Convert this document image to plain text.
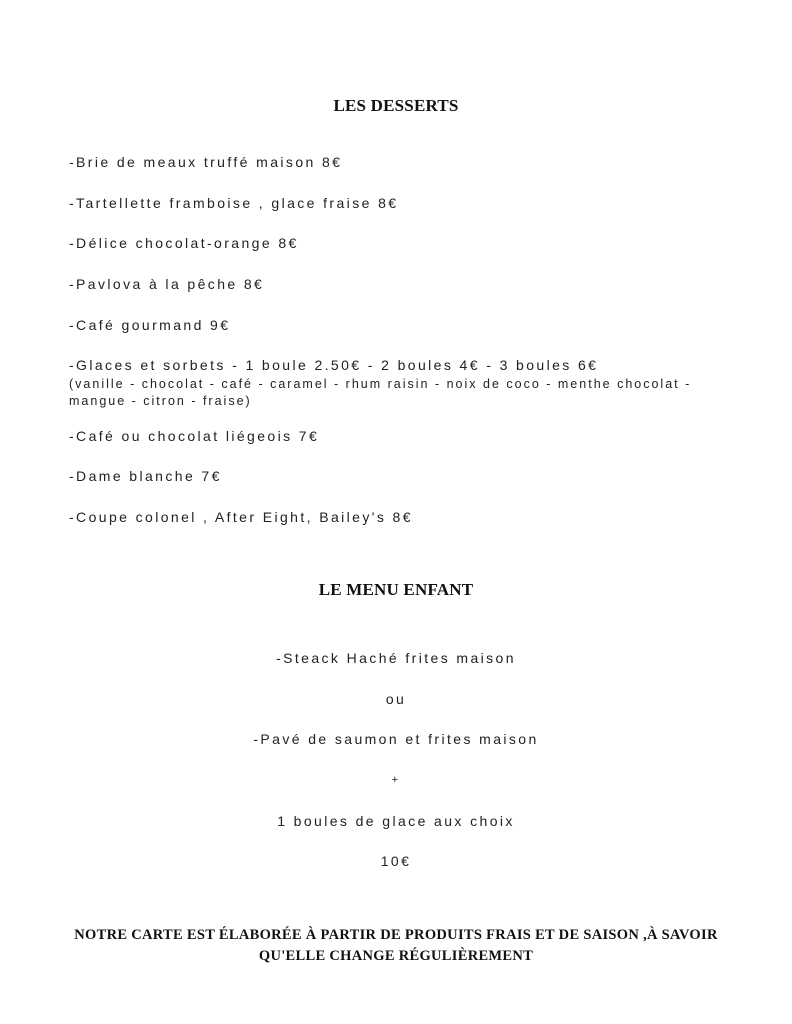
LES DESSERTS
-Brie de meaux truffé maison 8€
-Tartellette framboise , glace fraise 8€
-Délice chocolat-orange 8€
-Pavlova à la pêche 8€
-Café gourmand 9€
-Glaces et sorbets - 1 boule 2.50€ - 2 boules 4€ - 3 boules 6€
(vanille - chocolat - café - caramel - rhum raisin - noix de coco - menthe chocolat - mangue - citron - fraise)
-Café ou chocolat liégeois 7€
-Dame blanche 7€
-Coupe colonel , After Eight, Bailey's 8€
LE MENU ENFANT
-Steack Haché frites maison
ou
-Pavé de saumon et frites maison
+
1 boules de glace aux choix
10€
NOTRE CARTE EST ÉLABORÉE À PARTIR DE PRODUITS FRAIS ET DE SAISON ,À SAVOIR
QU'ELLE CHANGE RÉGULIÈREMENT
